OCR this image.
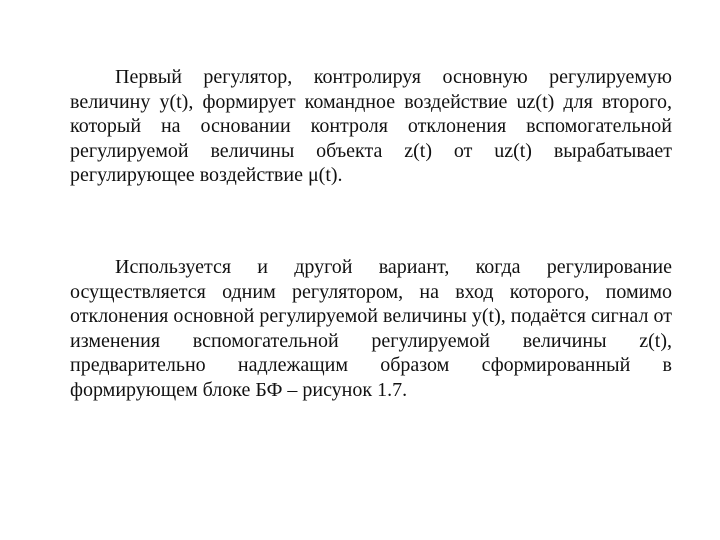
Первый регулятор, контролируя основную регулируемую величину y(t), формирует командное воздействие uz(t) для второго, который на основании контроля отклонения вспомогательной регулируемой величины объекта z(t) от uz(t) вырабатывает регулирующее воздействие μ(t).

Используется и другой вариант, когда регулирование осуществляется одним регулятором, на вход которого, помимо отклонения основной регулируемой величины y(t), подаётся сигнал от изменения вспомогательной регулируемой величины z(t), предварительно надлежащим образом сформированный в формирующем блоке БФ – рисунок 1.7.
